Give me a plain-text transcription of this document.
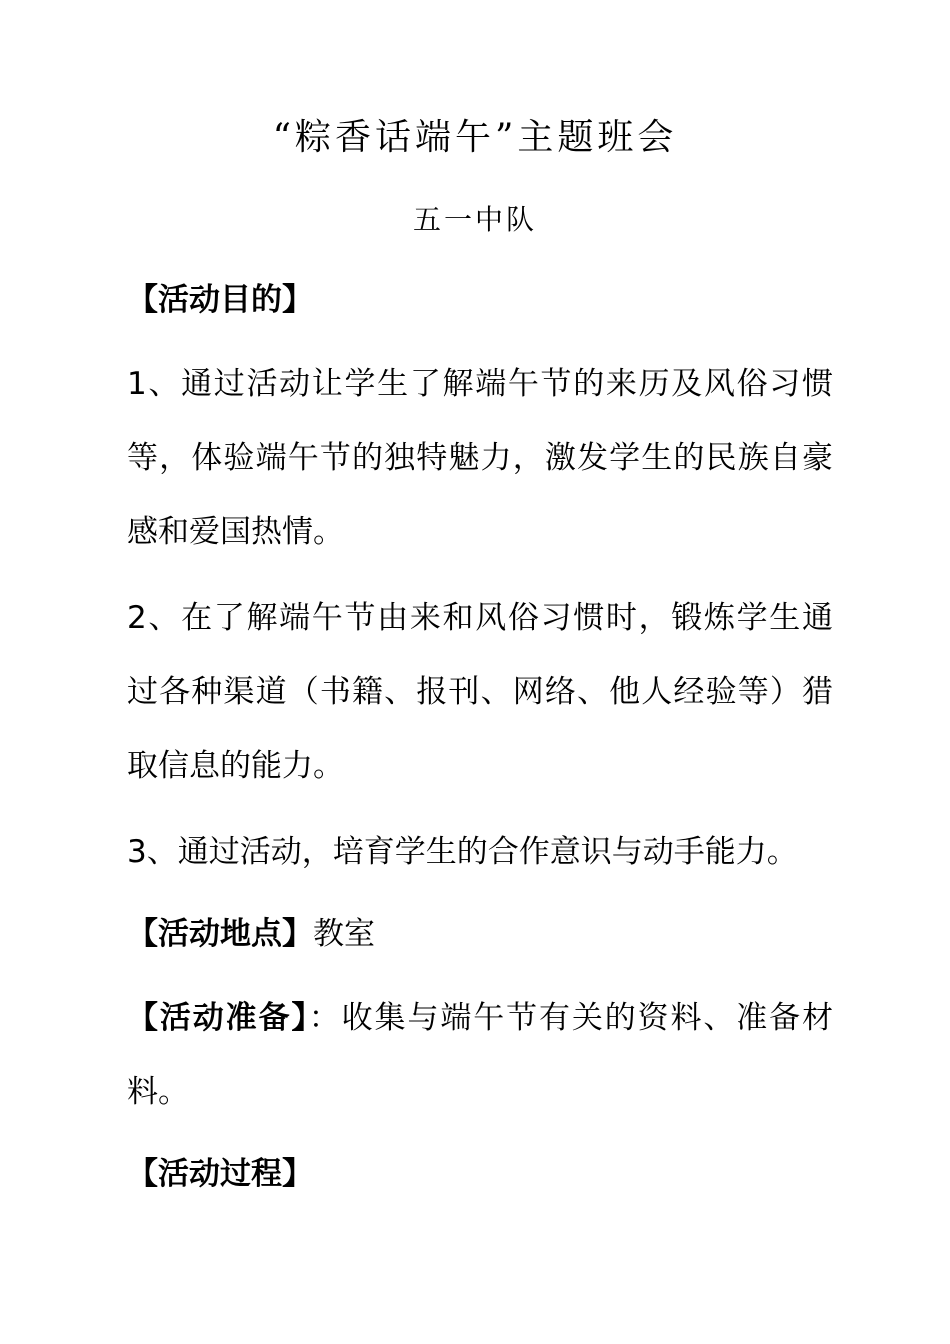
“粽香话端午”主题班会
五一中队
【活动目的】
1、通过活动让学生了解端午节的来历及风俗习惯
等，体验端午节的独特魅力，激发学生的民族自豪
感和爱国热情。
2、在了解端午节由来和风俗习惯时，锻炼学生通
过各种渠道（书籍、报刊、网络、他人经验等）猎
取信息的能力。
3、通过活动，培育学生的合作意识与动手能力。
【活动地点】教室
【活动准备】：收集与端午节有关的资料、准备材
料。
【活动过程】
